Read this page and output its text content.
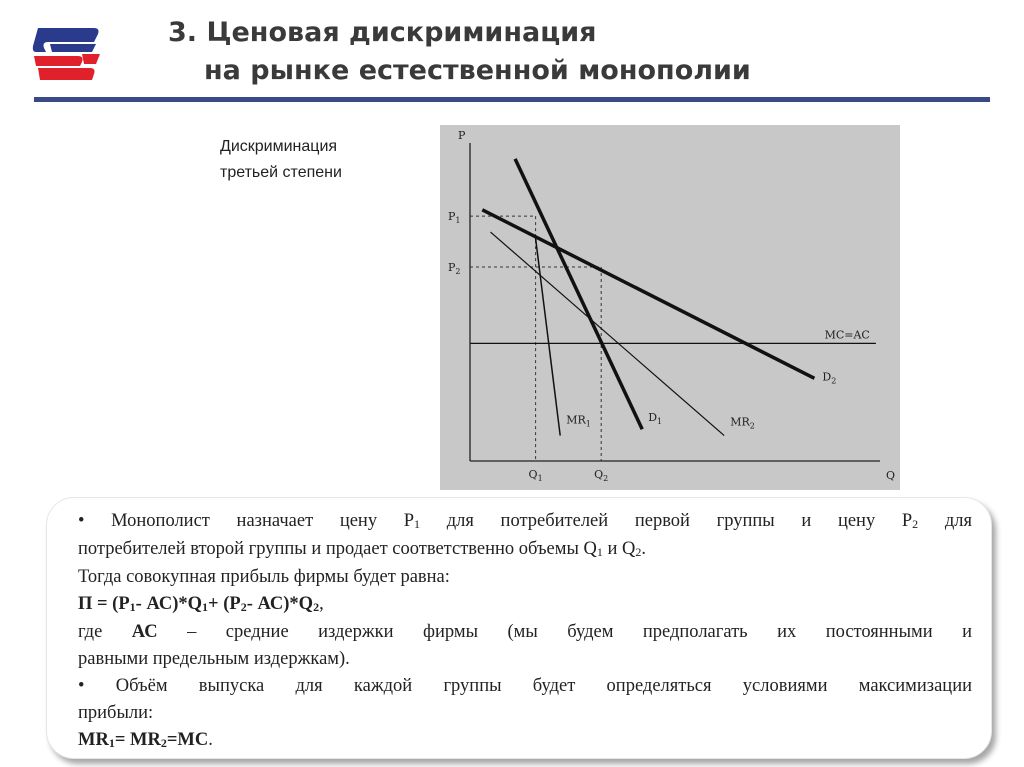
3. Ценовая дискриминация
на рынке естественной монополии
Дискриминация
третьей степени
P
Q
$P_1$
$P_2$
$Q_1$	$Q_2$
$D_1$
$MR_1$
$D_2$
$MR_2$
MC=AC

• Монополист назначает цену $Р_1$ для потребителей первой группы и цену $Р_2$ для

потребителей второй группы и продает соответственно объемы $Q_1$ и $Q_2$.

Тогда совокупная прибыль фирмы будет равна:

$П = (Р_1-$ $АС)*Q_1+ (Р_2-$ $АС)*Q_2$,

где АС – средние издержки фирмы (мы будем предполагать их постоянными и

равными предельным издержкам).

• Объём выпуска для каждой группы будет определяться условиями максимизации

прибыли:

$MR_1= MR_2=MC$.
